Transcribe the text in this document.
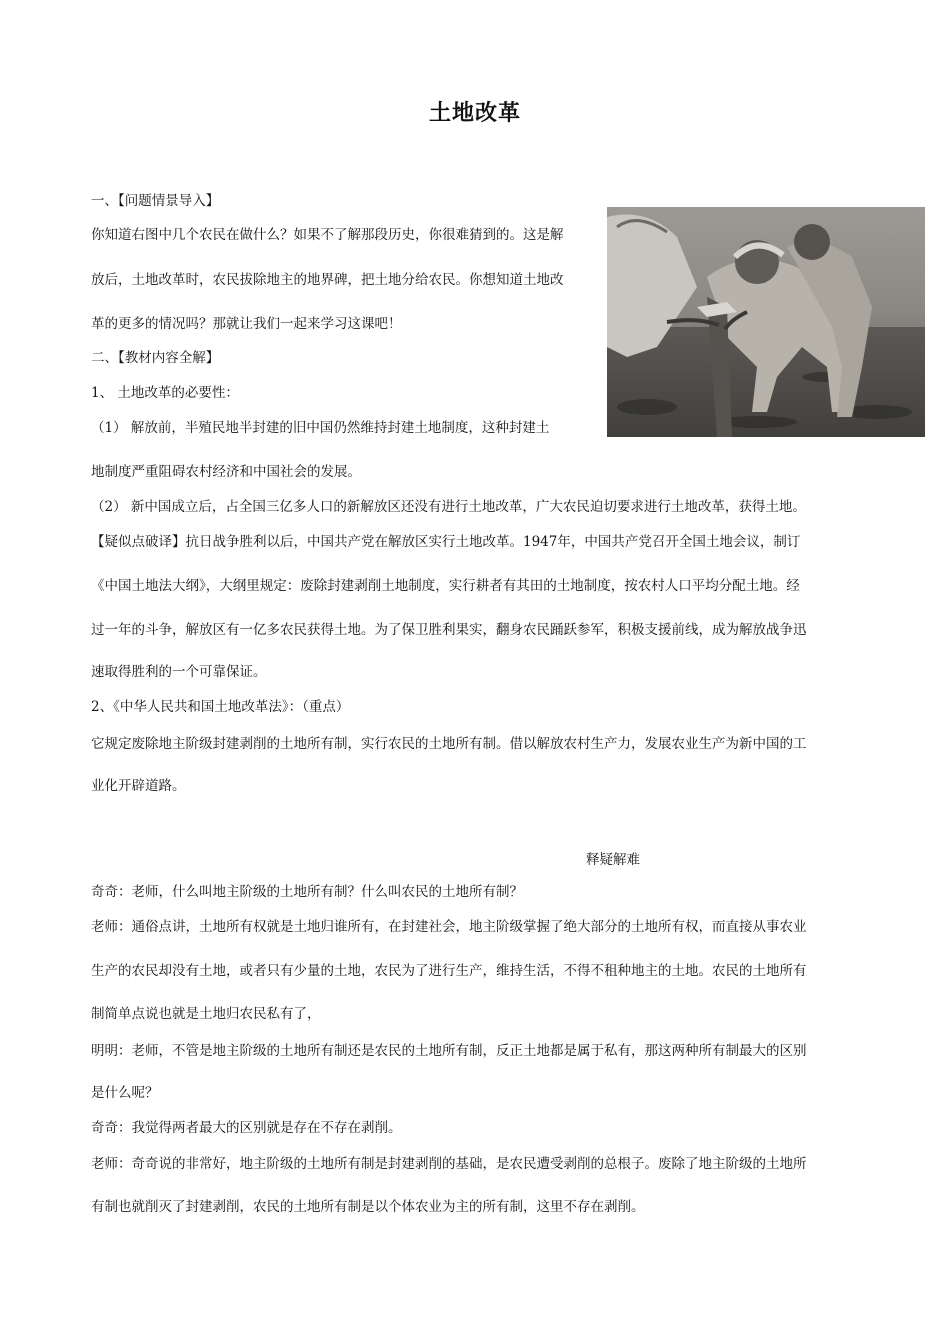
土地改革
一、【问题情景导入】
你知道右图中几个农民在做什么？如果不了解那段历史，你很难猜到的。这是解
放后，土地改革时，农民拔除地主的地界碑，把土地分给农民。你想知道土地改
革的更多的情况吗？那就让我们一起来学习这课吧！
二、【教材内容全解】
1、 土地改革的必要性：
（1） 解放前，半殖民地半封建的旧中国仍然维持封建土地制度，这种封建土
地制度严重阻碍农村经济和中国社会的发展。
（2） 新中国成立后，占全国三亿多人口的新解放区还没有进行土地改革，广大农民迫切要求进行土地改革，获得土地。
【疑似点破译】抗日战争胜利以后，中国共产党在解放区实行土地改革。1947年，中国共产党召开全国土地会议，制订
《中国土地法大纲》，大纲里规定：废除封建剥削土地制度，实行耕者有其田的土地制度，按农村人口平均分配土地。经
过一年的斗争，解放区有一亿多农民获得土地。为了保卫胜利果实，翻身农民踊跃参军，积极支援前线，成为解放战争迅
速取得胜利的一个可靠保证。
2、《中华人民共和国土地改革法》：（重点）
它规定废除地主阶级封建剥削的土地所有制，实行农民的土地所有制。借以解放农村生产力，发展农业生产为新中国的工
业化开辟道路。
释疑解难
奇奇：老师，什么叫地主阶级的土地所有制？什么叫农民的土地所有制？
老师：通俗点讲，土地所有权就是土地归谁所有，在封建社会，地主阶级掌握了绝大部分的土地所有权，而直接从事农业
生产的农民却没有土地，或者只有少量的土地，农民为了进行生产，维持生活，不得不租种地主的土地。农民的土地所有
制简单点说也就是土地归农民私有了，
明明：老师，不管是地主阶级的土地所有制还是农民的土地所有制，反正土地都是属于私有，那这两种所有制最大的区别
是什么呢？
奇奇：我觉得两者最大的区别就是存在不存在剥削。
老师：奇奇说的非常好，地主阶级的土地所有制是封建剥削的基础，是农民遭受剥削的总根子。废除了地主阶级的土地所
有制也就削灭了封建剥削，农民的土地所有制是以个体农业为主的所有制，这里不存在剥削。
